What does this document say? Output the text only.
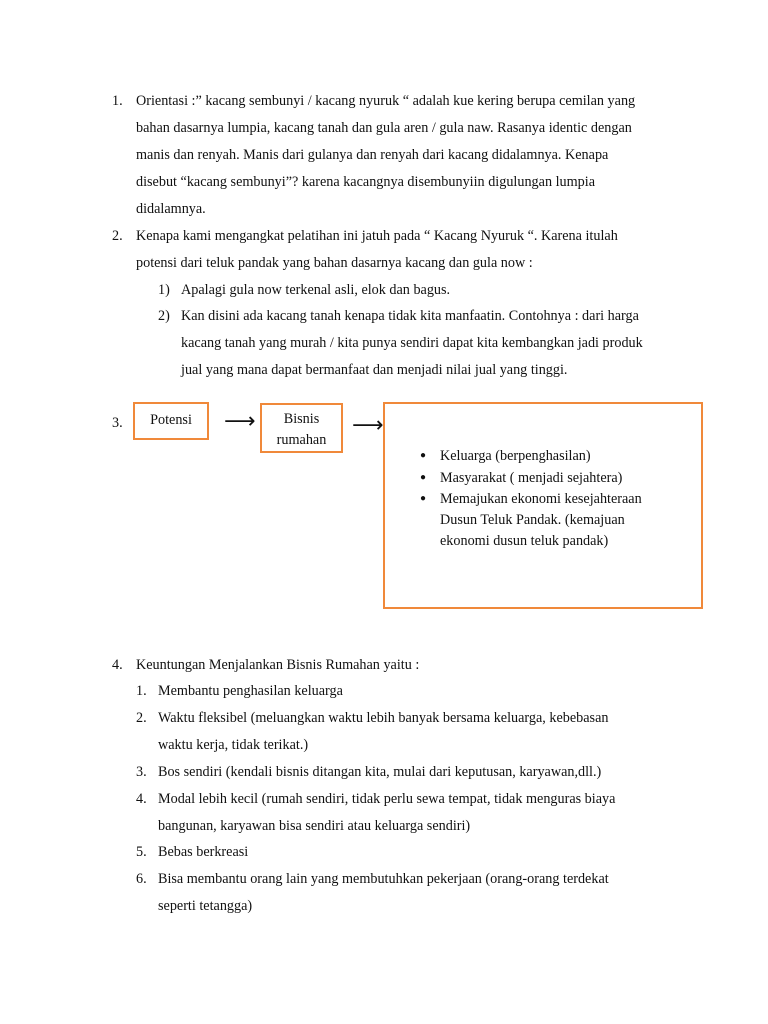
1. Orientasi :” kacang sembunyi / kacang nyuruk “ adalah kue kering berupa cemilan yang
bahan dasarnya lumpia, kacang tanah dan gula aren / gula naw. Rasanya identic dengan
manis dan renyah. Manis dari gulanya dan renyah dari kacang didalamnya. Kenapa
disebut “kacang sembunyi”? karena kacangnya disembunyiin digulungan lumpia
didalamnya.
2. Kenapa kami mengangkat pelatihan ini jatuh pada “ Kacang Nyuruk “. Karena itulah
potensi dari teluk pandak yang bahan dasarnya kacang dan gula now :
1) Apalagi gula now terkenal asli, elok dan bagus.
2) Kan disini ada kacang tanah kenapa tidak kita manfaatin. Contohnya : dari harga
kacang tanah yang murah / kita punya sendiri dapat kita kembangkan jadi produk
jual yang mana dapat bermanfaat dan menjadi nilai jual yang tinggi.
3.	Potensi	⟶	Bisnis
rumahan
⟶
● Keluarga (berpenghasilan)
● Masyarakat ( menjadi sejahtera)
● Memajukan ekonomi kesejahteraan
Dusun Teluk Pandak. (kemajuan
ekonomi dusun teluk pandak)
4. Keuntungan Menjalankan Bisnis Rumahan yaitu :
1. Membantu penghasilan keluarga
2. Waktu fleksibel (meluangkan waktu lebih banyak bersama keluarga, kebebasan
waktu kerja, tidak terikat.)
3. Bos sendiri (kendali bisnis ditangan kita, mulai dari keputusan, karyawan,dll.)
4. Modal lebih kecil (rumah sendiri, tidak perlu sewa tempat, tidak menguras biaya
bangunan, karyawan bisa sendiri atau keluarga sendiri)
5. Bebas berkreasi
6. Bisa membantu orang lain yang membutuhkan pekerjaan (orang-orang terdekat
seperti tetangga)
